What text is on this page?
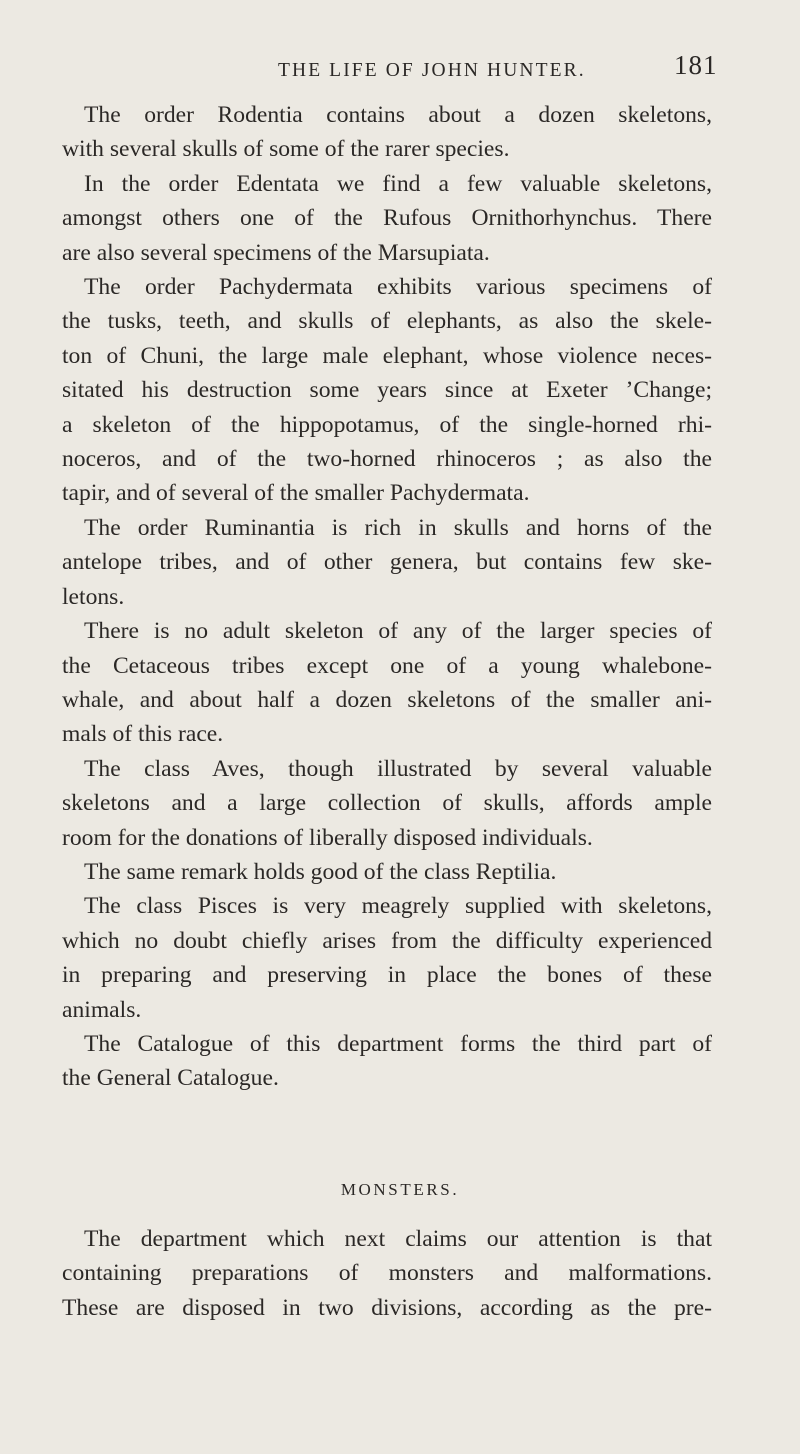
THE LIFE OF JOHN HUNTER.	181
The order Rodentia contains about a dozen skeletons,
with several skulls of some of the rarer species.
In the order Edentata we find a few valuable skeletons,
amongst others one of the Rufous Ornithorhynchus. There
are also several specimens of the Marsupiata.
The order Pachydermata exhibits various specimens of
the tusks, teeth, and skulls of elephants, as also the skele-
ton of Chuni, the large male elephant, whose violence neces-
sitated his destruction some years since at Exeter ’Change;
a skeleton of the hippopotamus, of the single-horned rhi-
noceros, and of the two-horned rhinoceros ; as also the
tapir, and of several of the smaller Pachydermata.
The order Ruminantia is rich in skulls and horns of the
antelope tribes, and of other genera, but contains few ske-
letons.
There is no adult skeleton of any of the larger species of
the Cetaceous tribes except one of a young whalebone-
whale, and about half a dozen skeletons of the smaller ani-
mals of this race.
The class Aves, though illustrated by several valuable
skeletons and a large collection of skulls, affords ample
room for the donations of liberally disposed individuals.
The same remark holds good of the class Reptilia.
The class Pisces is very meagrely supplied with skeletons,
which no doubt chiefly arises from the difficulty experienced
in preparing and preserving in place the bones of these
animals.
The Catalogue of this department forms the third part of
the General Catalogue.
MONSTERS.
The department which next claims our attention is that
containing preparations of monsters and malformations.
These are disposed in two divisions, according as the pre-
